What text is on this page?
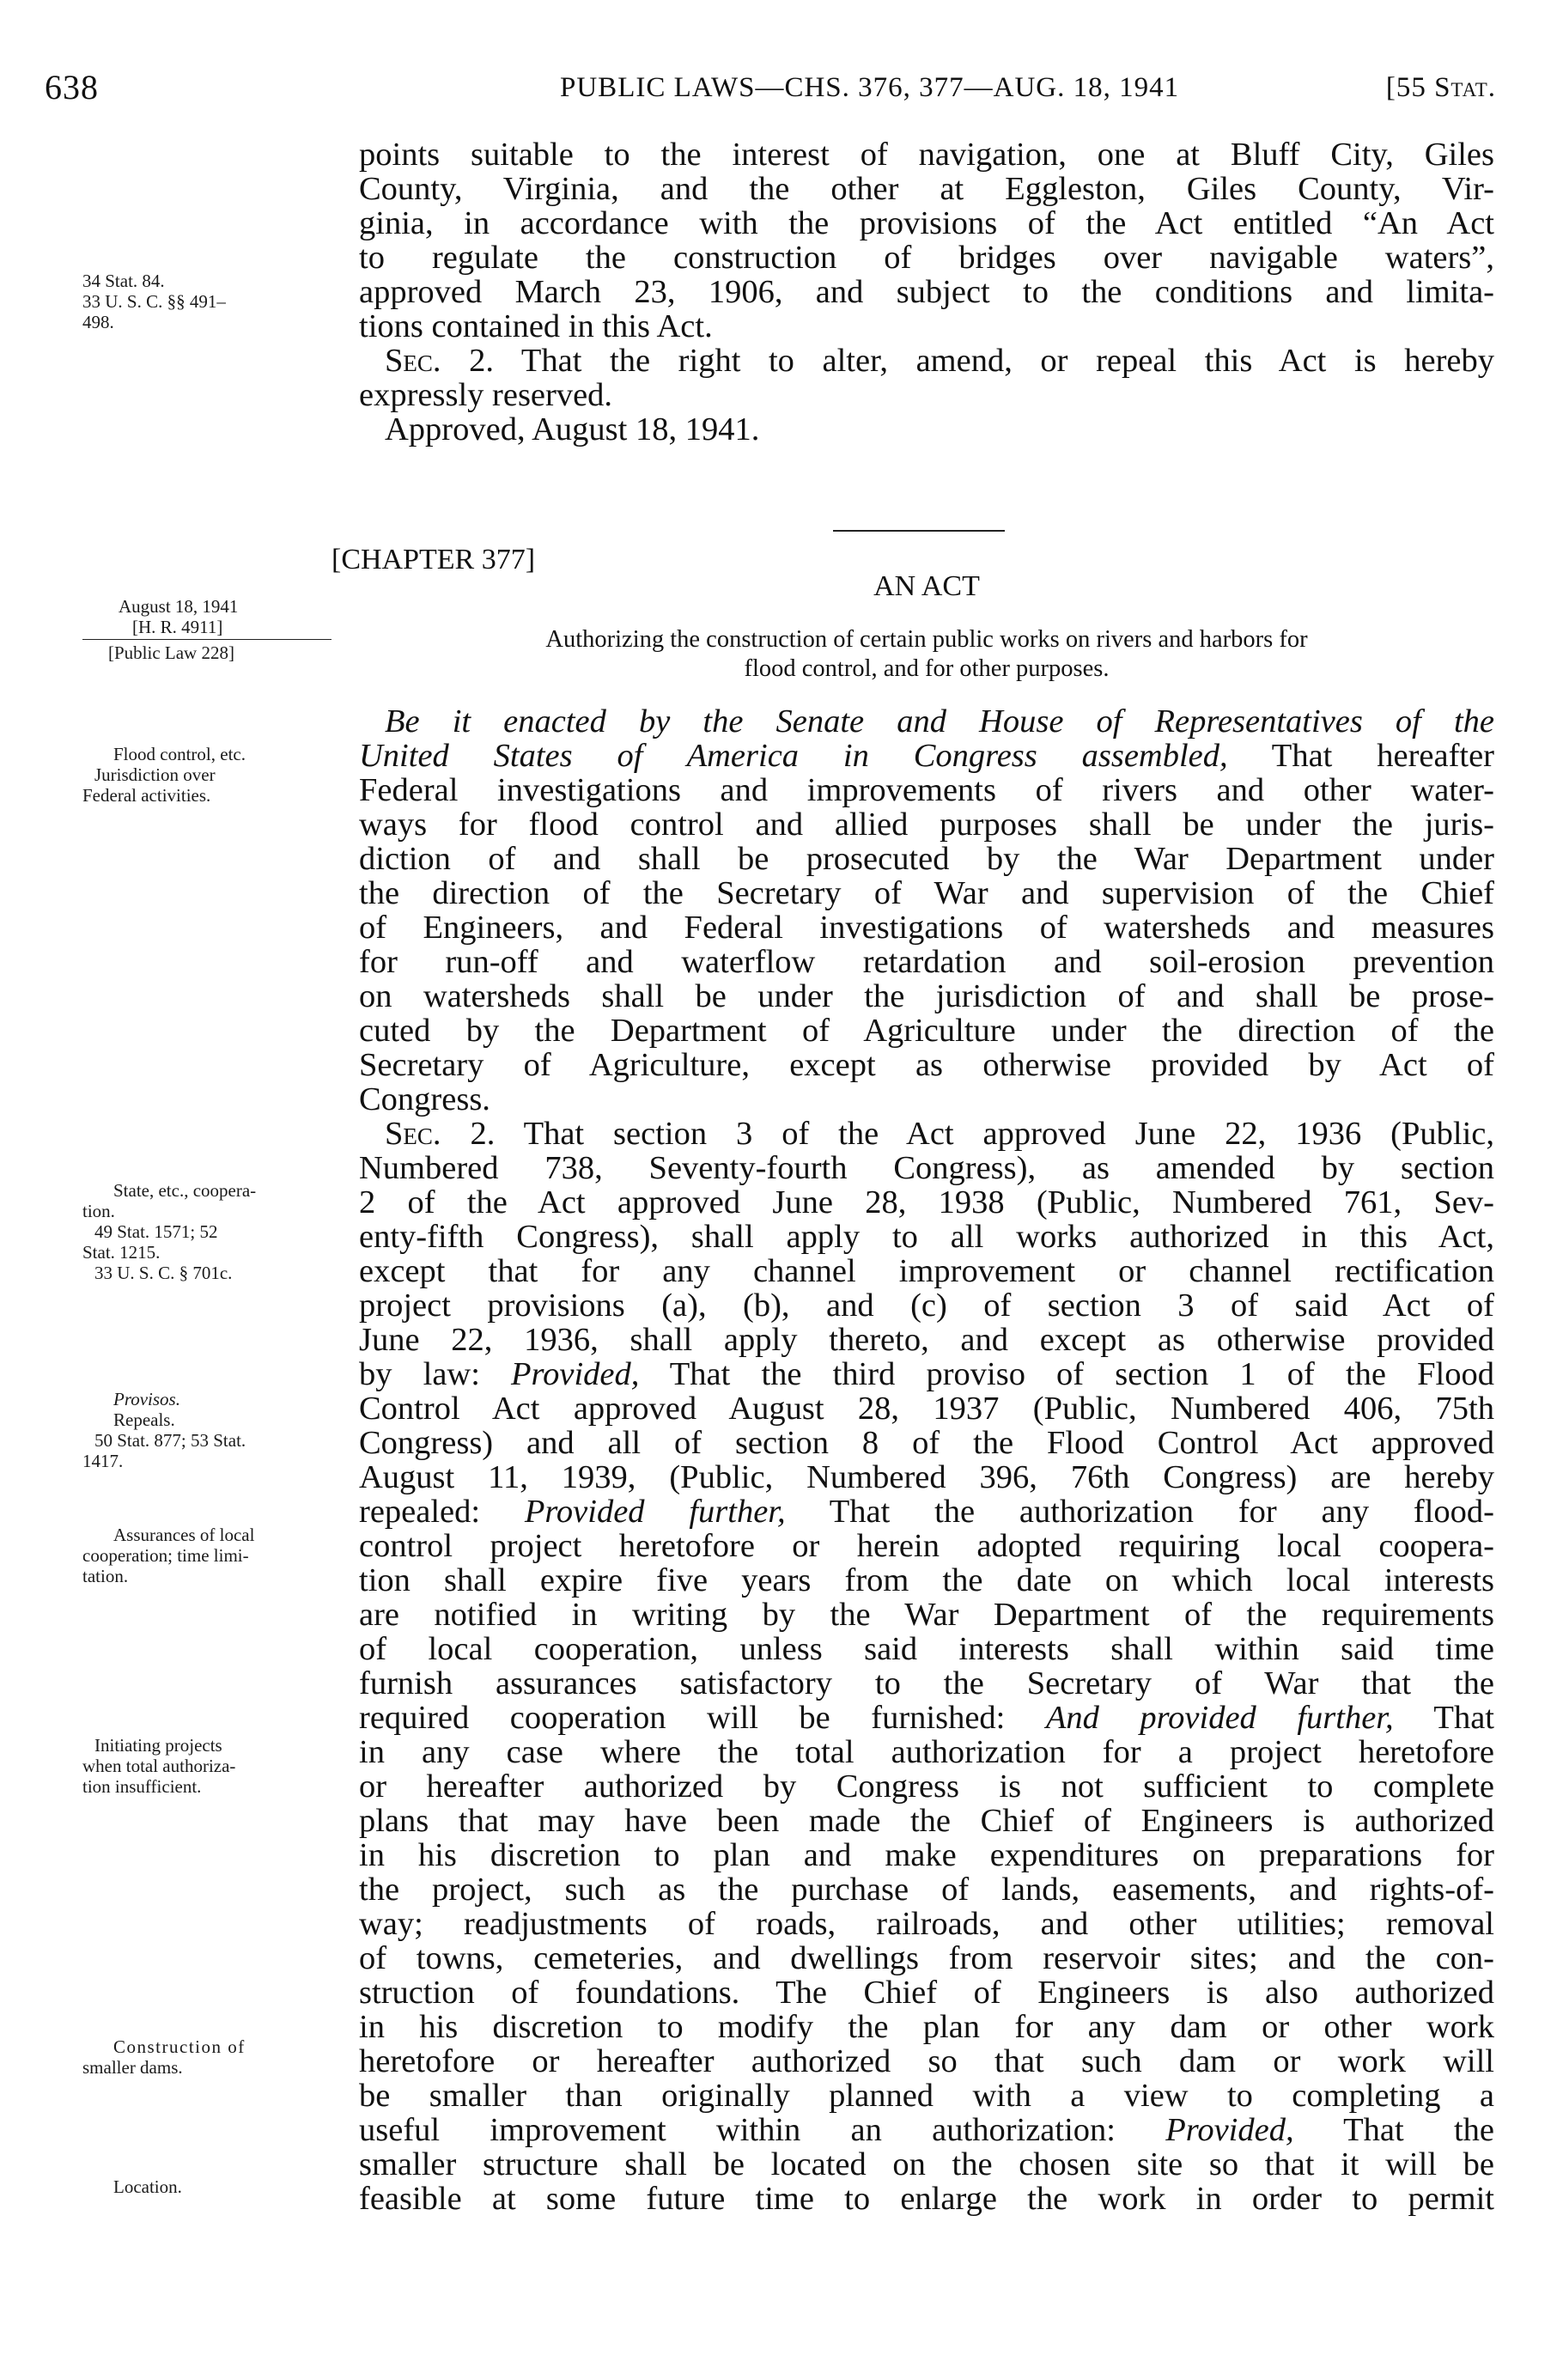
638	PUBLIC LAWS—CHS. 376, 377—AUG. 18, 1941	[55 Stat.
34 Stat. 84.
33 U. S. C. §§ 491–
498.
August 18, 1941
[H. R. 4911]
[Public Law 228]
Flood control, etc.
Jurisdiction over
Federal activities.
State, etc., coopera-
tion.
49 Stat. 1571; 52
Stat. 1215.
33 U. S. C. § 701c.
Provisos.
Repeals.
50 Stat. 877; 53 Stat.
1417.
Assurances of local
cooperation; time limi-
tation.
Initiating projects
when total authoriza-
tion insufficient.
Construction of
smaller dams.
Location.
points suitable to the interest of navigation, one at Bluff City, Giles
County, Virginia, and the other at Eggleston, Giles County, Vir-
ginia, in accordance with the provisions of the Act entitled “An Act
to regulate the construction of bridges over navigable waters”,
approved March 23, 1906, and subject to the conditions and limita-
tions contained in this Act.
Sec. 2. That the right to alter, amend, or repeal this Act is hereby
expressly reserved.
Approved, August 18, 1941.
[CHAPTER 377]
AN ACT
Authorizing the construction of certain public works on rivers and harbors for
flood control, and for other purposes.
Be it enacted by the Senate and House of Representatives of the
United States of America in Congress assembled, That hereafter
Federal investigations and improvements of rivers and other water-
ways for flood control and allied purposes shall be under the juris-
diction of and shall be prosecuted by the War Department under
the direction of the Secretary of War and supervision of the Chief
of Engineers, and Federal investigations of watersheds and measures
for run-off and waterflow retardation and soil-erosion prevention
on watersheds shall be under the jurisdiction of and shall be prose-
cuted by the Department of Agriculture under the direction of the
Secretary of Agriculture, except as otherwise provided by Act of
Congress.
Sec. 2. That section 3 of the Act approved June 22, 1936 (Public,
Numbered 738, Seventy-fourth Congress), as amended by section
2 of the Act approved June 28, 1938 (Public, Numbered 761, Sev-
enty-fifth Congress), shall apply to all works authorized in this Act,
except that for any channel improvement or channel rectification
project provisions (a), (b), and (c) of section 3 of said Act of
June 22, 1936, shall apply thereto, and except as otherwise provided
by law: Provided, That the third proviso of section 1 of the Flood
Control Act approved August 28, 1937 (Public, Numbered 406, 75th
Congress) and all of section 8 of the Flood Control Act approved
August 11, 1939, (Public, Numbered 396, 76th Congress) are hereby
repealed: Provided further, That the authorization for any flood-
control project heretofore or herein adopted requiring local coopera-
tion shall expire five years from the date on which local interests
are notified in writing by the War Department of the requirements
of local cooperation, unless said interests shall within said time
furnish assurances satisfactory to the Secretary of War that the
required cooperation will be furnished: And provided further, That
in any case where the total authorization for a project heretofore
or hereafter authorized by Congress is not sufficient to complete
plans that may have been made the Chief of Engineers is authorized
in his discretion to plan and make expenditures on preparations for
the project, such as the purchase of lands, easements, and rights-of-
way; readjustments of roads, railroads, and other utilities; removal
of towns, cemeteries, and dwellings from reservoir sites; and the con-
struction of foundations. The Chief of Engineers is also authorized
in his discretion to modify the plan for any dam or other work
heretofore or hereafter authorized so that such dam or work will
be smaller than originally planned with a view to completing a
useful improvement within an authorization: Provided, That the
smaller structure shall be located on the chosen site so that it will be
feasible at some future time to enlarge the work in order to permit
